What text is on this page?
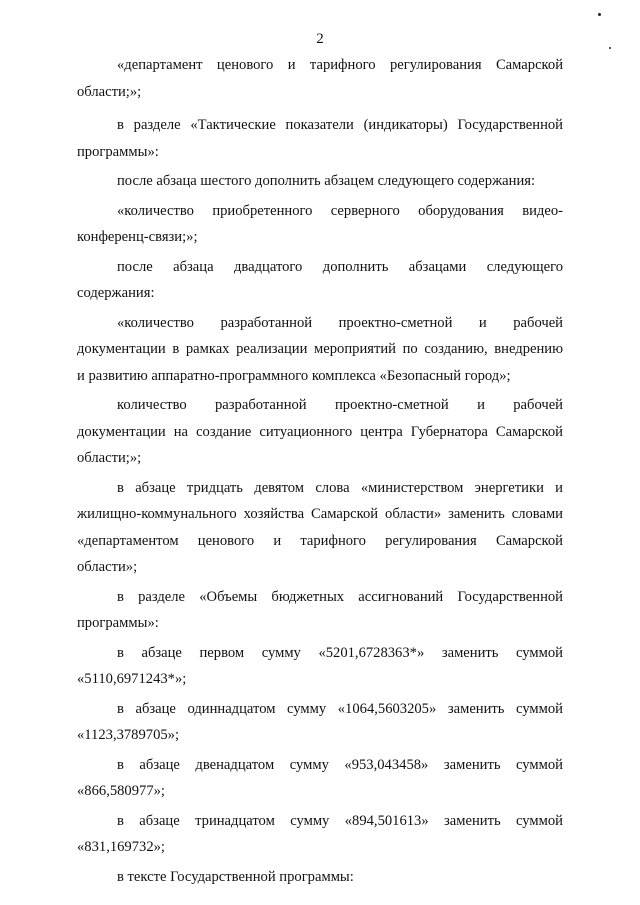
2
«департамент ценового и тарифного регулирования Самарской
области;»;
в разделе «Тактические показатели (индикаторы) Государственной
программы»:
после абзаца шестого дополнить абзацем следующего содержания:
«количество приобретенного серверного оборудования видео-
конференц-связи;»;
после абзаца двадцатого дополнить абзацами следующего
содержания:
«количество разработанной проектно-сметной и рабочей
документации в рамках реализации мероприятий по созданию, внедрению
и развитию аппаратно-программного комплекса «Безопасный город»;
количество разработанной проектно-сметной и рабочей
документации на создание ситуационного центра Губернатора Самарской
области;»;
в абзаце тридцать девятом слова «министерством энергетики и
жилищно-коммунального хозяйства Самарской области» заменить словами
«департаментом ценового и тарифного регулирования Самарской
области»;
в разделе «Объемы бюджетных ассигнований Государственной
программы»:
в абзаце первом сумму «5201,6728363*» заменить суммой
«5110,6971243*»;
в абзаце одиннадцатом сумму «1064,5603205» заменить суммой
«1123,3789705»;
в абзаце двенадцатом сумму «953,043458» заменить суммой
«866,580977»;
в абзаце тринадцатом сумму «894,501613» заменить суммой
«831,169732»;
в тексте Государственной программы:
